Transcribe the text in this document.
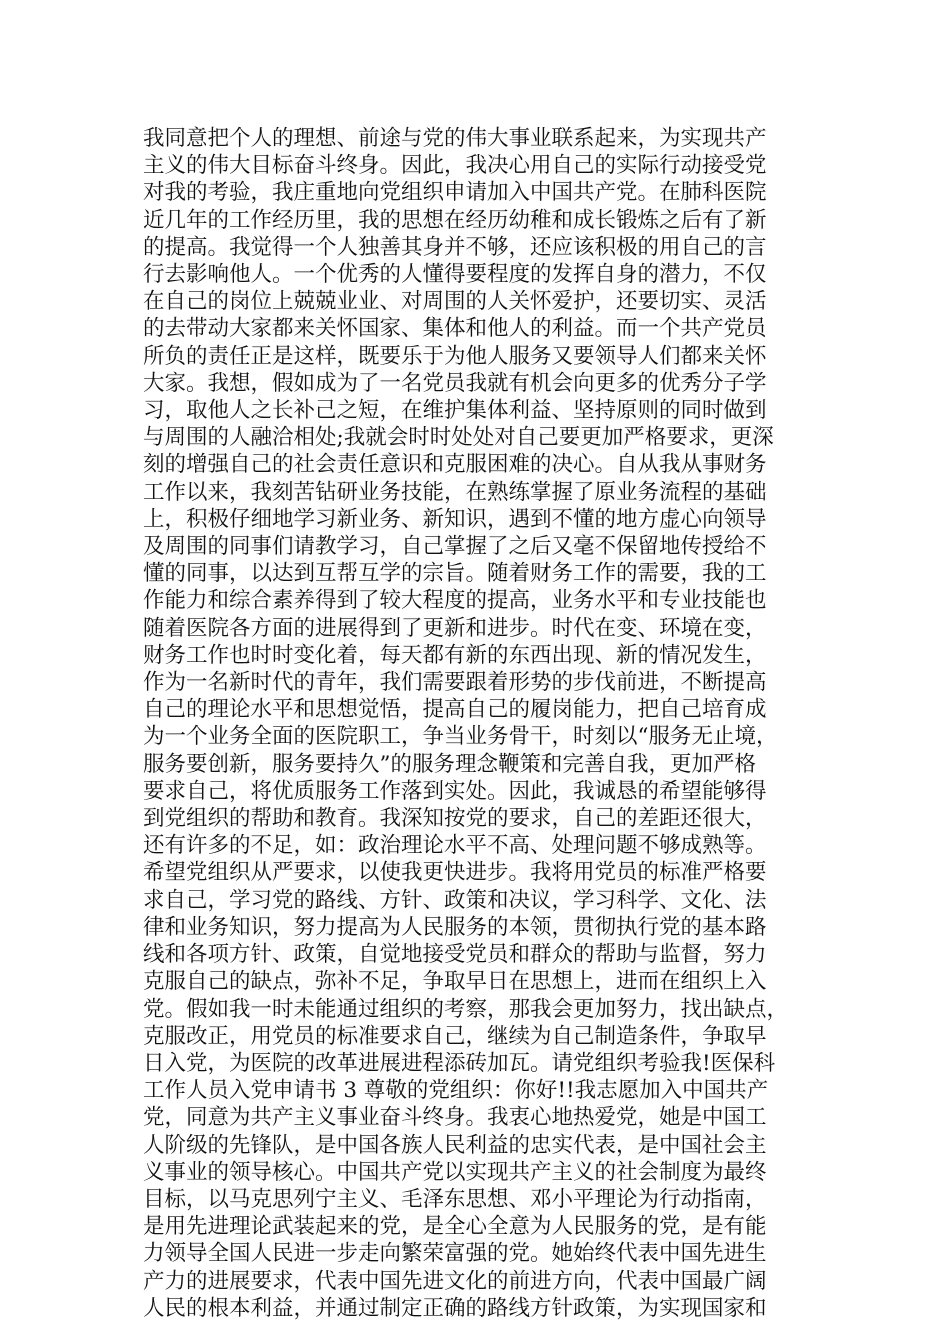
我同意把个人的理想、前途与党的伟大事业联系起来，为实现共产
主义的伟大目标奋斗终身。因此，我决心用自己的实际行动接受党
对我的考验，我庄重地向党组织申请加入中国共产党。在肺科医院
近几年的工作经历里，我的思想在经历幼稚和成长锻炼之后有了新
的提高。我觉得一个人独善其身并不够，还应该积极的用自己的言
行去影响他人。一个优秀的人懂得要程度的发挥自身的潜力，不仅
在自己的岗位上兢兢业业、对周围的人关怀爱护，还要切实、灵活
的去带动大家都来关怀国家、集体和他人的利益。而一个共产党员
所负的责任正是这样，既要乐于为他人服务又要领导人们都来关怀
大家。我想，假如成为了一名党员我就有机会向更多的优秀分子学
习，取他人之长补己之短，在维护集体利益、坚持原则的同时做到
与周围的人融洽相处;我就会时时处处对自己要更加严格要求，更深
刻的增强自己的社会责任意识和克服困难的决心。自从我从事财务
工作以来，我刻苦钻研业务技能，在熟练掌握了原业务流程的基础
上，积极仔细地学习新业务、新知识，遇到不懂的地方虚心向领导
及周围的同事们请教学习，自己掌握了之后又毫不保留地传授给不
懂的同事，以达到互帮互学的宗旨。随着财务工作的需要，我的工
作能力和综合素养得到了较大程度的提高，业务水平和专业技能也
随着医院各方面的进展得到了更新和进步。时代在变、环境在变，
财务工作也时时变化着，每天都有新的东西出现、新的情况发生，
作为一名新时代的青年，我们需要跟着形势的步伐前进，不断提高
自己的理论水平和思想觉悟，提高自己的履岗能力，把自己培育成
为一个业务全面的医院职工，争当业务骨干，时刻以“服务无止境，
服务要创新，服务要持久”的服务理念鞭策和完善自我，更加严格
要求自己，将优质服务工作落到实处。因此，我诚恳的希望能够得
到党组织的帮助和教育。我深知按党的要求，自己的差距还很大，
还有许多的不足，如：政治理论水平不高、处理问题不够成熟等。
希望党组织从严要求，以使我更快进步。我将用党员的标准严格要
求自己，学习党的路线、方针、政策和决议，学习科学、文化、法
律和业务知识，努力提高为人民服务的本领，贯彻执行党的基本路
线和各项方针、政策，自觉地接受党员和群众的帮助与监督，努力
克服自己的缺点，弥补不足，争取早日在思想上，进而在组织上入
党。假如我一时未能通过组织的考察，那我会更加努力，找出缺点，
克服改正，用党员的标准要求自己，继续为自己制造条件，争取早
日入党，为医院的改革进展进程添砖加瓦。请党组织考验我!医保科
工作人员入党申请书 3 尊敬的党组织：你好!!我志愿加入中国共产
党，同意为共产主义事业奋斗终身。我衷心地热爱党，她是中国工
人阶级的先锋队，是中国各族人民利益的忠实代表，是中国社会主
义事业的领导核心。中国共产党以实现共产主义的社会制度为最终
目标，以马克思列宁主义、毛泽东思想、邓小平理论为行动指南，
是用先进理论武装起来的党，是全心全意为人民服务的党，是有能
力领导全国人民进一步走向繁荣富强的党。她始终代表中国先进生
产力的进展要求，代表中国先进文化的前进方向，代表中国最广阔
人民的根本利益，并通过制定正确的路线方针政策，为实现国家和
